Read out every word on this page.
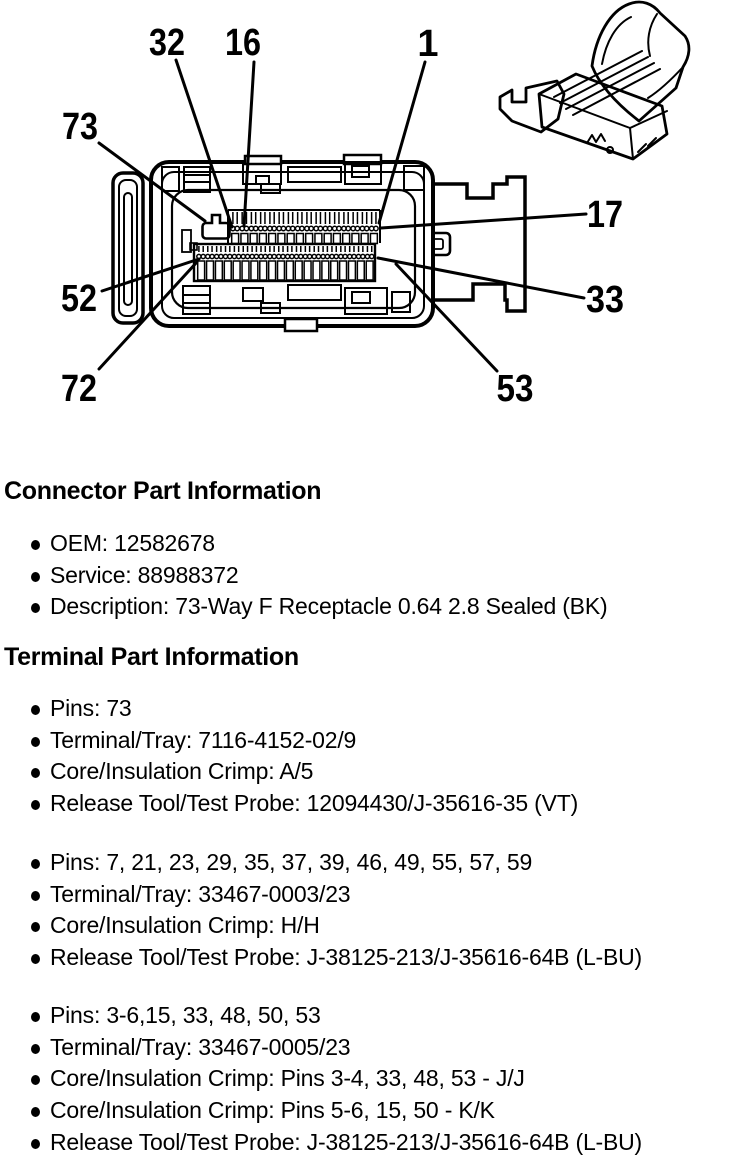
32 16	1
73
17
33
52
72	53
Connector Part Information
OEM: 12582678
Service: 88988372
Description: 73-Way F Receptacle 0.64 2.8 Sealed (BK)
Terminal Part Information
Pins: 73
Terminal/Tray: 7116-4152-02/9
Core/Insulation Crimp: A/5
Release Tool/Test Probe: 12094430/J-35616-35 (VT)
Pins: 7, 21, 23, 29, 35, 37, 39, 46, 49, 55, 57, 59
Terminal/Tray: 33467-0003/23
Core/Insulation Crimp: H/H
Release Tool/Test Probe: J-38125-213/J-35616-64B (L-BU)
Pins: 3-6,15, 33, 48, 50, 53
Terminal/Tray: 33467-0005/23
Core/Insulation Crimp: Pins 3-4, 33, 48, 53 - J/J
Core/Insulation Crimp: Pins 5-6, 15, 50 - K/K
Release Tool/Test Probe: J-38125-213/J-35616-64B (L-BU)
